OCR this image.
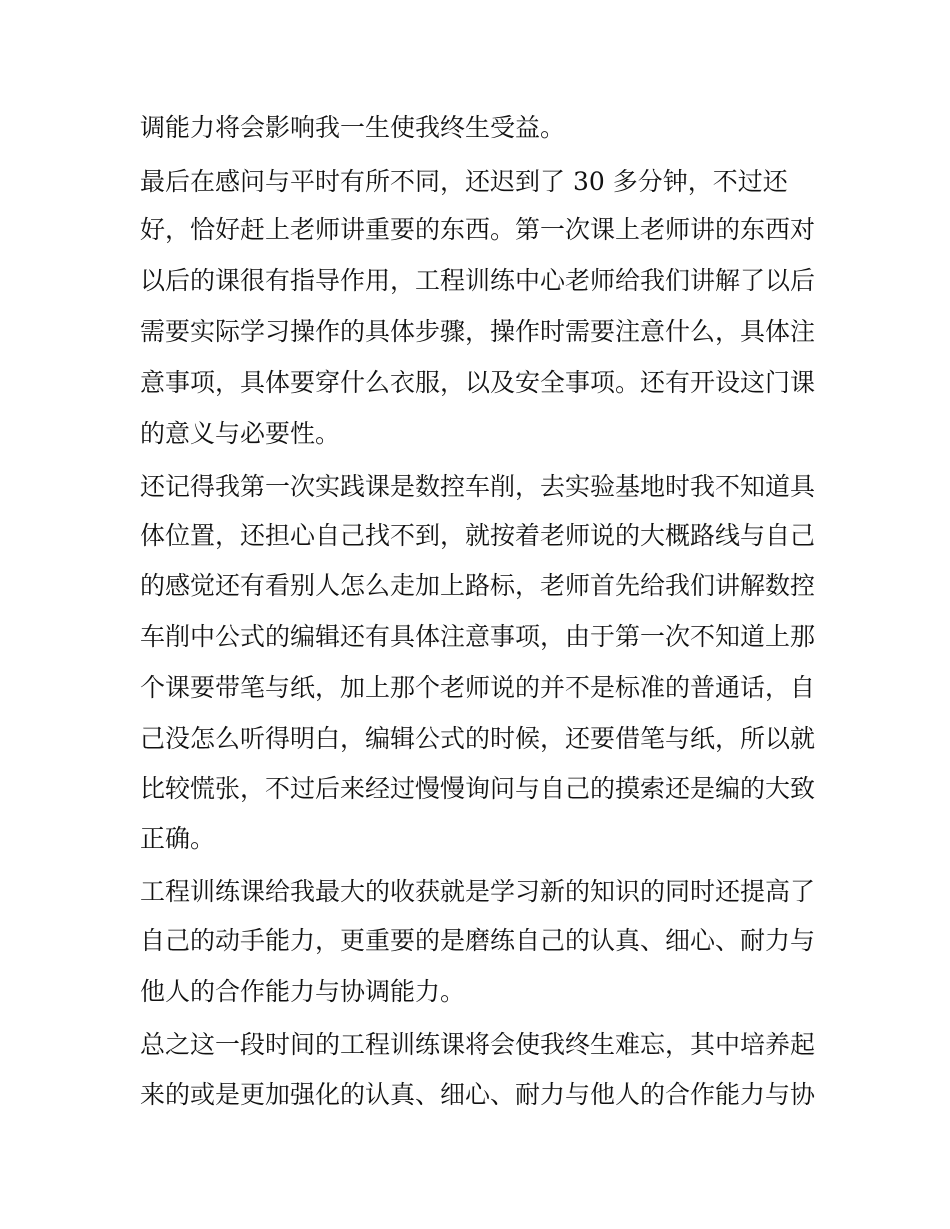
调能力将会影响我一生使我终生受益。
最后在感问与平时有所不同，还迟到了 30 多分钟，不过还
好，恰好赶上老师讲重要的东西。第一次课上老师讲的东西对
以后的课很有指导作用，工程训练中心老师给我们讲解了以后
需要实际学习操作的具体步骤，操作时需要注意什么，具体注
意事项，具体要穿什么衣服，以及安全事项。还有开设这门课
的意义与必要性。
还记得我第一次实践课是数控车削，去实验基地时我不知道具
体位置，还担心自己找不到，就按着老师说的大概路线与自己
的感觉还有看别人怎么走加上路标，老师首先给我们讲解数控
车削中公式的编辑还有具体注意事项，由于第一次不知道上那
个课要带笔与纸，加上那个老师说的并不是标准的普通话，自
己没怎么听得明白，编辑公式的时候，还要借笔与纸，所以就
比较慌张，不过后来经过慢慢询问与自己的摸索还是编的大致
正确。
工程训练课给我最大的收获就是学习新的知识的同时还提高了
自己的动手能力，更重要的是磨练自己的认真、细心、耐力与
他人的合作能力与协调能力。
总之这一段时间的工程训练课将会使我终生难忘，其中培养起
来的或是更加强化的认真、细心、耐力与他人的合作能力与协
